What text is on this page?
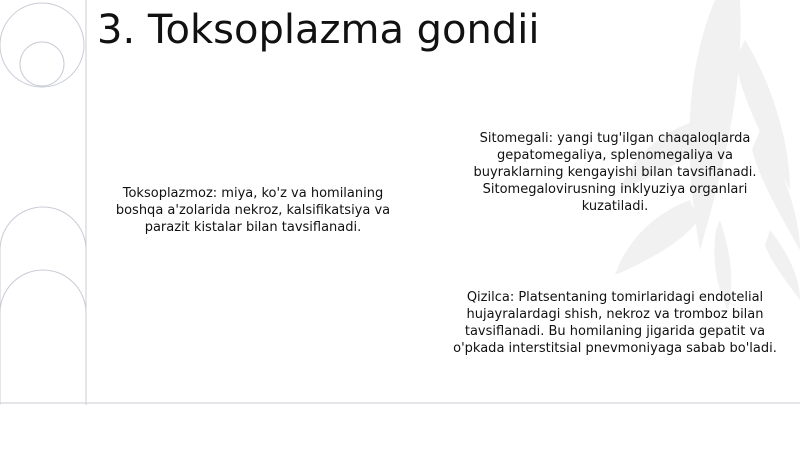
3. Toksoplazma gondii

Toksoplazmoz: miya, ko'z va homilaning boshqa a'zolarida nekroz, kalsifikatsiya va parazit kistalar bilan tavsiflanadi.

Sitomegali: yangi tug'ilgan chaqaloqlarda gepatomegaliya, splenomegaliya va buyraklarning kengayishi bilan tavsiflanadi. Sitomegalovirusning inklyuziya organlari kuzatiladi.

Qizilca: Platsentaning tomirlaridagi endotelial hujayralardagi shish, nekroz va tromboz bilan tavsiflanadi. Bu homilaning jigarida gepatit va o'pkada interstitsial pnevmoniyaga sabab bo'ladi.
